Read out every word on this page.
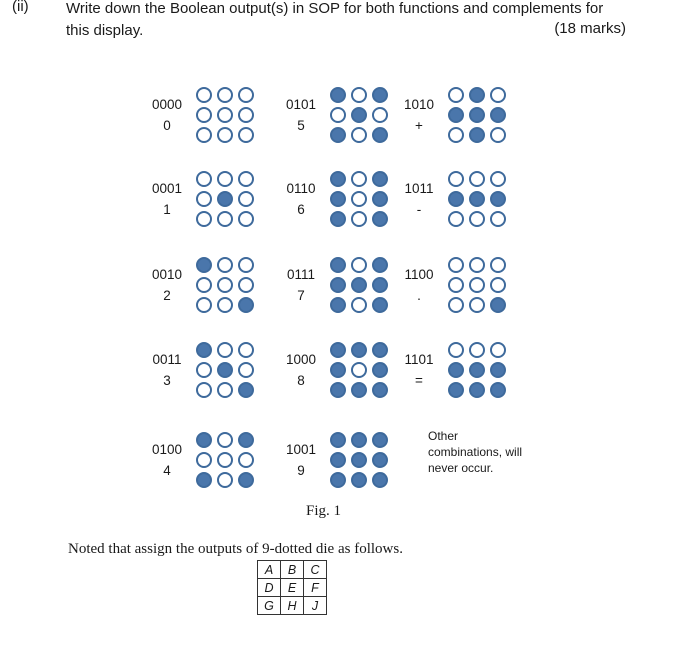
(ii) Write down the Boolean output(s) in SOP for both functions and complements for this display.	(18 marks)
0000
0
0001
1
0010
2
0011
3
0100
4
0101
5
0110
6
0111
7
1000
8
1001
9
1010
+
1011
-
1100
.
1101
=
Other combinations, will never occur.
Fig. 1
Noted that assign the outputs of 9-dotted die as follows.
A	B	C
D	E	F
G	H	J
